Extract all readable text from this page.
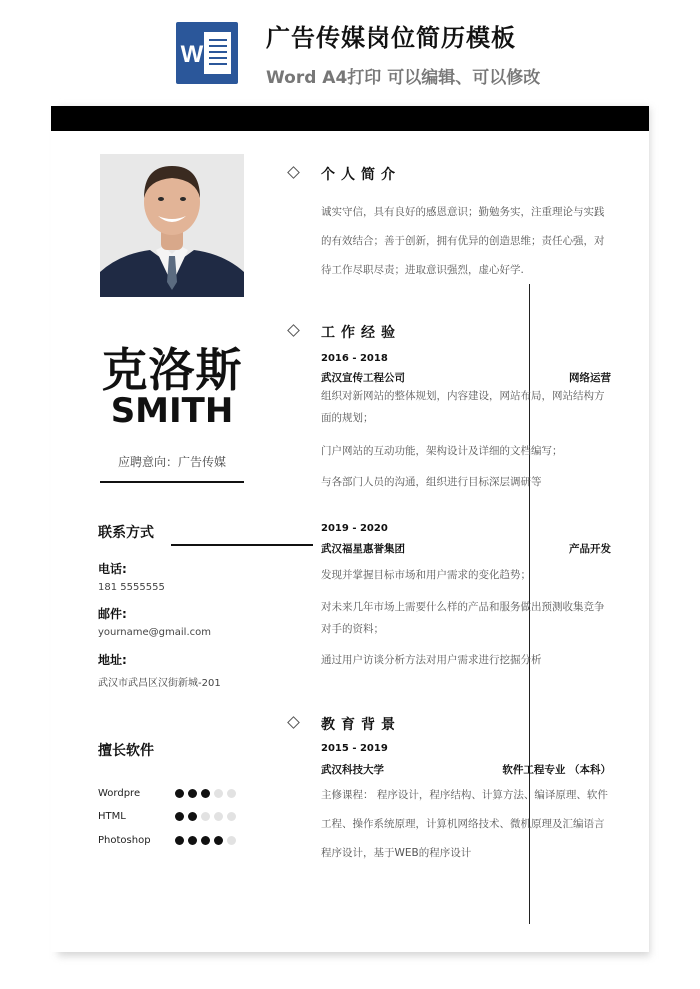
W
广告传媒岗位简历模板
Word A4打印 可以编辑、可以修改
克洛斯
SMITH
应聘意向：广告传媒
联系方式
电话:
181 5555555
邮件:
yourname@gmail.com
地址:
武汉市武昌区汉街新城-201
擅长软件
Wordpre
HTML
Photoshop
个人简介
诚实守信，具有良好的感恩意识；勤勉务实，注重理论与实践的有效结合；善于创新，拥有优异的创造思维；责任心强，对待工作尽职尽责；进取意识强烈，虚心好学.
工作经验
2016 - 2018
武汉宣传工程公司	网络运营
组织对新网站的整体规划，内容建设，网站布局，网站结构方面的规划；
门户网站的互动功能，架构设计及详细的文档编写；
与各部门人员的沟通，组织进行目标深层调研等
2019 - 2020
武汉福星惠誉集团	产品开发
发现并掌握目标市场和用户需求的变化趋势；
对未来几年市场上需要什么样的产品和服务做出预测收集竞争对手的资料；
通过用户访谈分析方法对用户需求进行挖掘分析
教育背景
2015 - 2019
武汉科技大学	软件工程专业 （本科）
主修课程： 程序设计，程序结构、计算方法、编译原理、软件工程、操作系统原理，计算机网络技术、微机原理及汇编语言程序设计，基于WEB的程序设计
